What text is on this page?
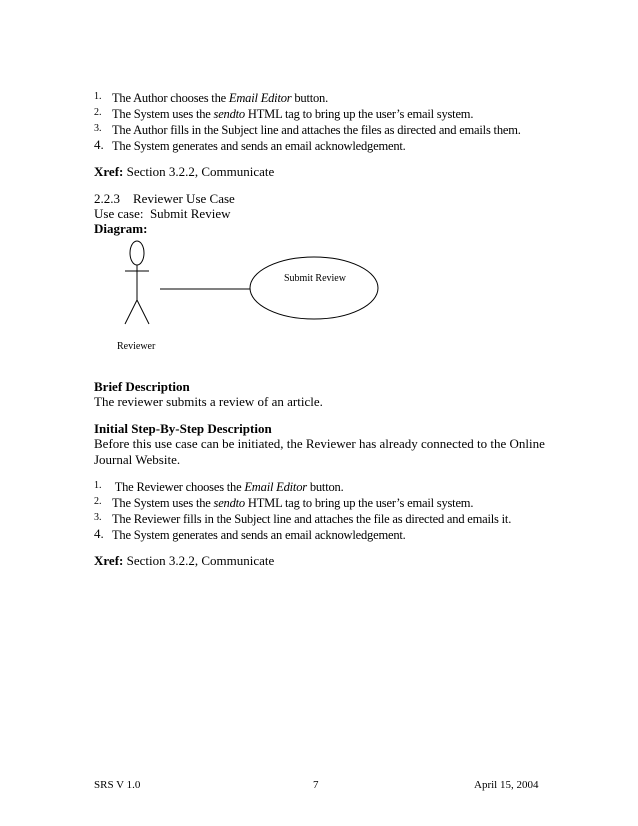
1. The Author chooses the Email Editor button.
2. The System uses the sendto HTML tag to bring up the user’s email system.
3. The Author fills in the Subject line and attaches the files as directed and emails them.
4. The System generates and sends an email acknowledgement.
Xref: Section 3.2.2, Communicate
2.2.3    Reviewer Use Case
Use case:  Submit Review
Diagram:
Submit Review
Reviewer
Brief Description
The reviewer submits a review of an article.
Initial Step-By-Step Description
Before this use case can be initiated, the Reviewer has already connected to the Online
Journal Website.
1. The Reviewer chooses the Email Editor button.
2. The System uses the sendto HTML tag to bring up the user’s email system.
3. The Reviewer fills in the Subject line and attaches the file as directed and emails it.
4. The System generates and sends an email acknowledgement.
Xref: Section 3.2.2, Communicate
SRS V 1.0	7	April 15, 2004
